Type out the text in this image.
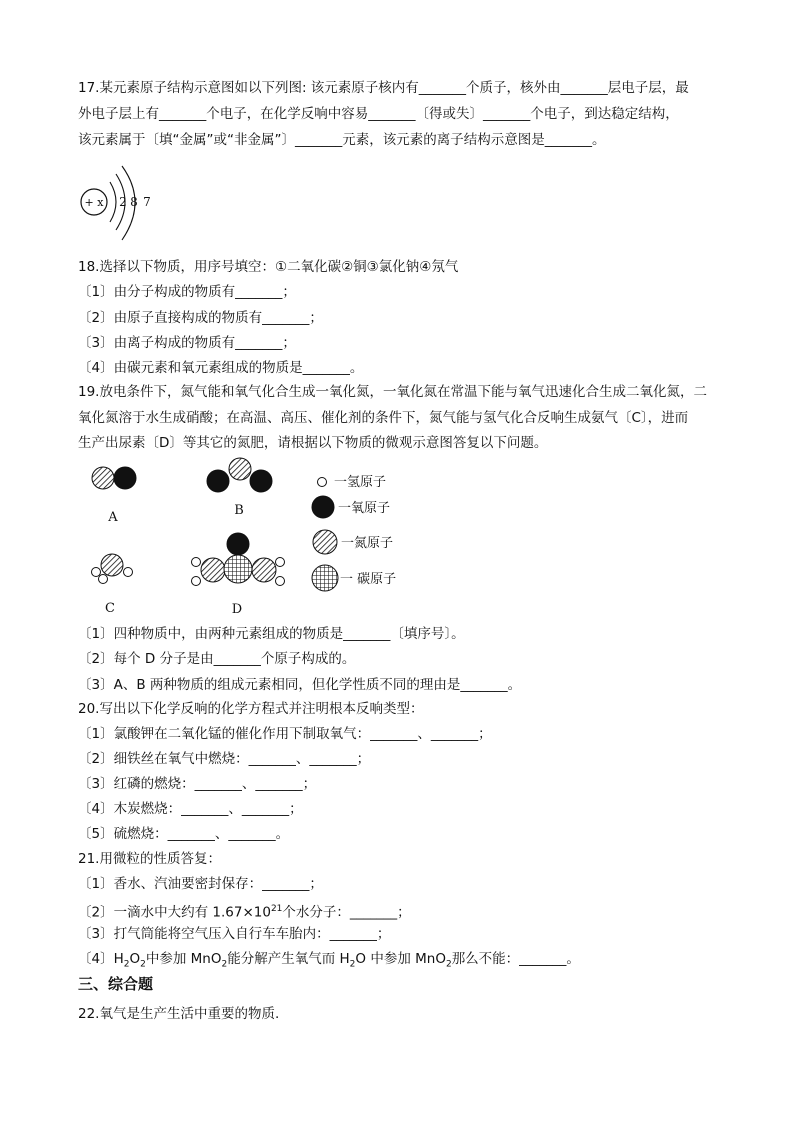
17.某元素原子结构示意图如以下列图: 该元素原子核内有_______个质子，核外由_______层电子层，最
外电子层上有_______个电子，在化学反响中容易_______〔得或失〕_______个电子，到达稳定结构，
该元素属于〔填“金属”或“非金属”〕_______元素，该元素的离子结构示意图是_______。
+ x 2 8 7
18.选择以下物质，用序号填空：①二氧化碳②铜③氯化钠④氖气
〔1〕由分子构成的物质有_______；
〔2〕由原子直接构成的物质有_______；
〔3〕由离子构成的物质有_______；
〔4〕由碳元素和氧元素组成的物质是_______。
19.放电条件下，氮气能和氧气化合生成一氧化氮，一氧化氮在常温下能与氧气迅速化合生成二氧化氮，二
氧化氮溶于水生成硝酸；在高温、高压、催化剂的条件下，氮气能与氢气化合反响生成氨气〔C〕，进而
生产出尿素〔D〕等其它的氮肥，请根据以下物质的微观示意图答复以下问题。
A	B
C	D
一氢原子
一氧原子
一氮原子
一 碳原子
〔1〕四种物质中，由两种元素组成的物质是_______〔填序号〕。
〔2〕每个 D 分子是由_______个原子构成的。
〔3〕A、B 两种物质的组成元素相同，但化学性质不同的理由是_______。
20.写出以下化学反响的化学方程式并注明根本反响类型：
〔1〕氯酸钾在二氧化锰的催化作用下制取氧气：_______、_______；
〔2〕细铁丝在氧气中燃烧：_______、_______；
〔3〕红磷的燃烧：_______、_______；
〔4〕木炭燃烧：_______、_______；
〔5〕硫燃烧：_______、_______。
21.用微粒的性质答复：
〔1〕香水、汽油要密封保存：_______；
〔2〕一滴水中大约有 $1.67\times 10^{21}$个水分子：_______；
〔3〕打气筒能将空气压入自行车车胎内：_______；
〔4〕$H_2O_2$中参加 MnO$_2$能分解产生氧气而 $H_2O$ 中参加 MnO$_2$那么不能：_______。
三、综合题
22.氧气是生产生活中重要的物质.
